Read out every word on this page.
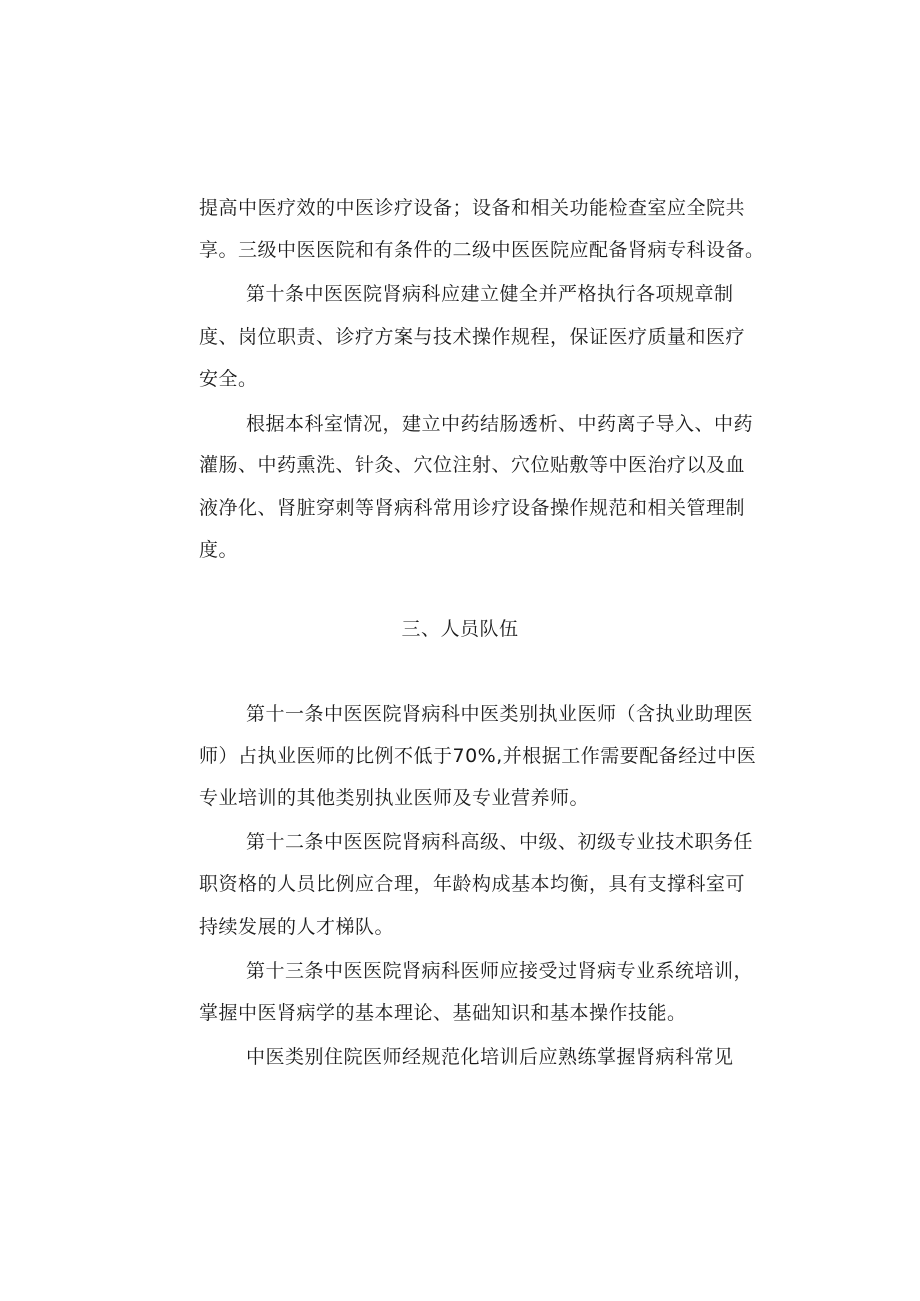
提高中医疗效的中医诊疗设备；设备和相关功能检查室应全院共
享。三级中医医院和有条件的二级中医医院应配备肾病专科设备。
第十条中医医院肾病科应建立健全并严格执行各项规章制
度、岗位职责、诊疗方案与技术操作规程，保证医疗质量和医疗
安全。
根据本科室情况，建立中药结肠透析、中药离子导入、中药
灌肠、中药熏洗、针灸、穴位注射、穴位贴敷等中医治疗以及血
液净化、肾脏穿刺等肾病科常用诊疗设备操作规范和相关管理制
度。
三、人员队伍
第十一条中医医院肾病科中医类别执业医师（含执业助理医
师）占执业医师的比例不低于70%,并根据工作需要配备经过中医
专业培训的其他类别执业医师及专业营养师。
第十二条中医医院肾病科高级、中级、初级专业技术职务任
职资格的人员比例应合理，年龄构成基本均衡，具有支撑科室可
持续发展的人才梯队。
第十三条中医医院肾病科医师应接受过肾病专业系统培训，
掌握中医肾病学的基本理论、基础知识和基本操作技能。
中医类别住院医师经规范化培训后应熟练掌握肾病科常见
